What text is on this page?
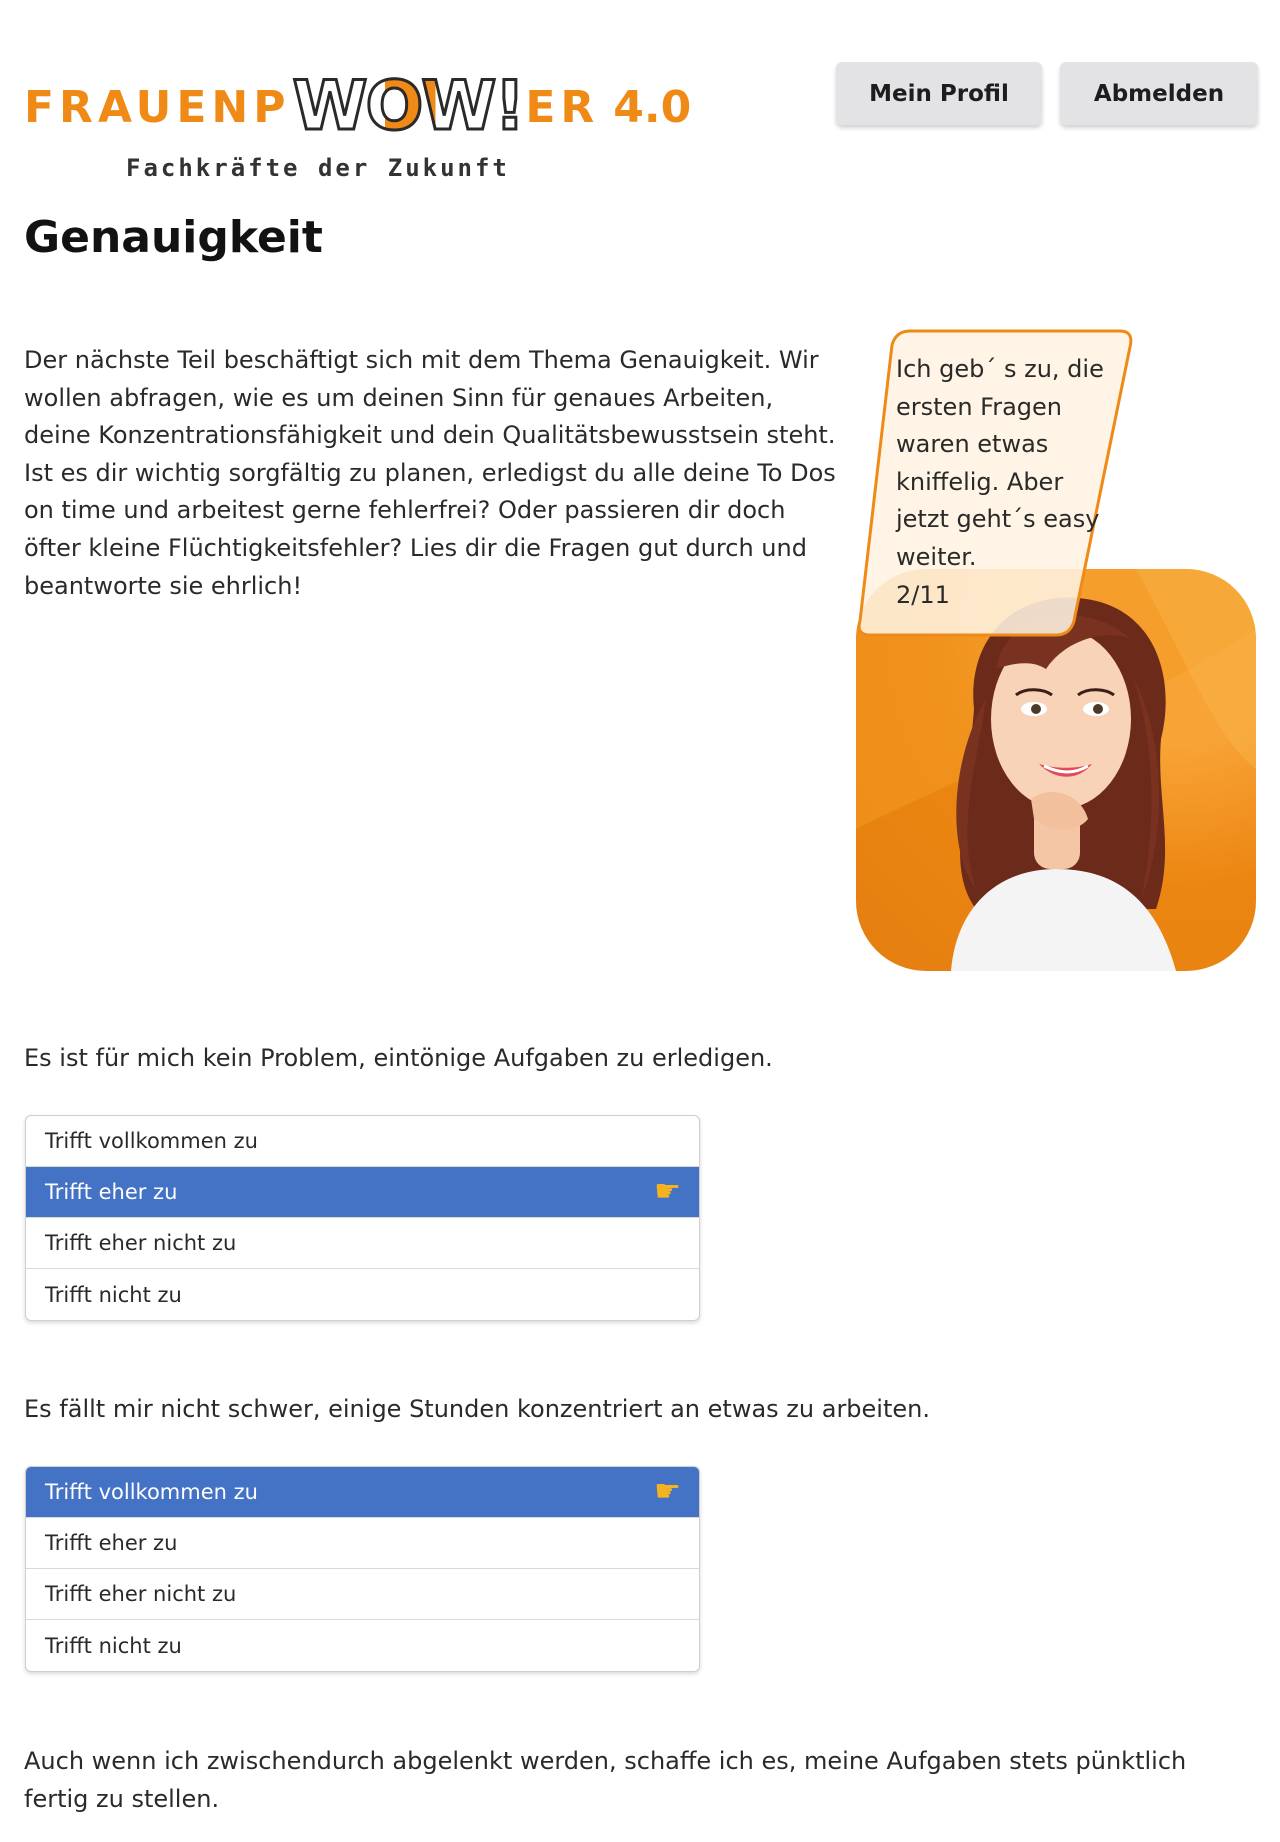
FRAUENP WOW! ER 4.0
Fachkräfte der Zukunft
Mein Profil	Abmelden
Genauigkeit

Der nächste Teil beschäftigt sich mit dem Thema Genauigkeit. Wir wollen abfragen, wie es um deinen Sinn für genaues Arbeiten, deine Konzentrationsfähigkeit und dein Qualitätsbewusstsein steht. Ist es dir wichtig sorgfältig zu planen, erledigst du alle deine To Dos on time und arbeitest gerne fehlerfrei? Oder passieren dir doch öfter kleine Flüchtigkeitsfehler? Lies dir die Fragen gut durch und beantworte sie ehrlich!

Ich geb´ s zu, die
ersten Fragen
waren etwas
kniffelig. Aber
jetzt geht´s easy
weiter.
2/11

Es ist für mich kein Problem, eintönige Aufgaben zu erledigen.

Trifft vollkommen zu
Trifft eher zu	☛
Trifft eher nicht zu
Trifft nicht zu

Es fällt mir nicht schwer, einige Stunden konzentriert an etwas zu arbeiten.

Trifft vollkommen zu	☛
Trifft eher zu
Trifft eher nicht zu
Trifft nicht zu

Auch wenn ich zwischendurch abgelenkt werden, schaffe ich es, meine Aufgaben stets pünktlich fertig zu stellen.
